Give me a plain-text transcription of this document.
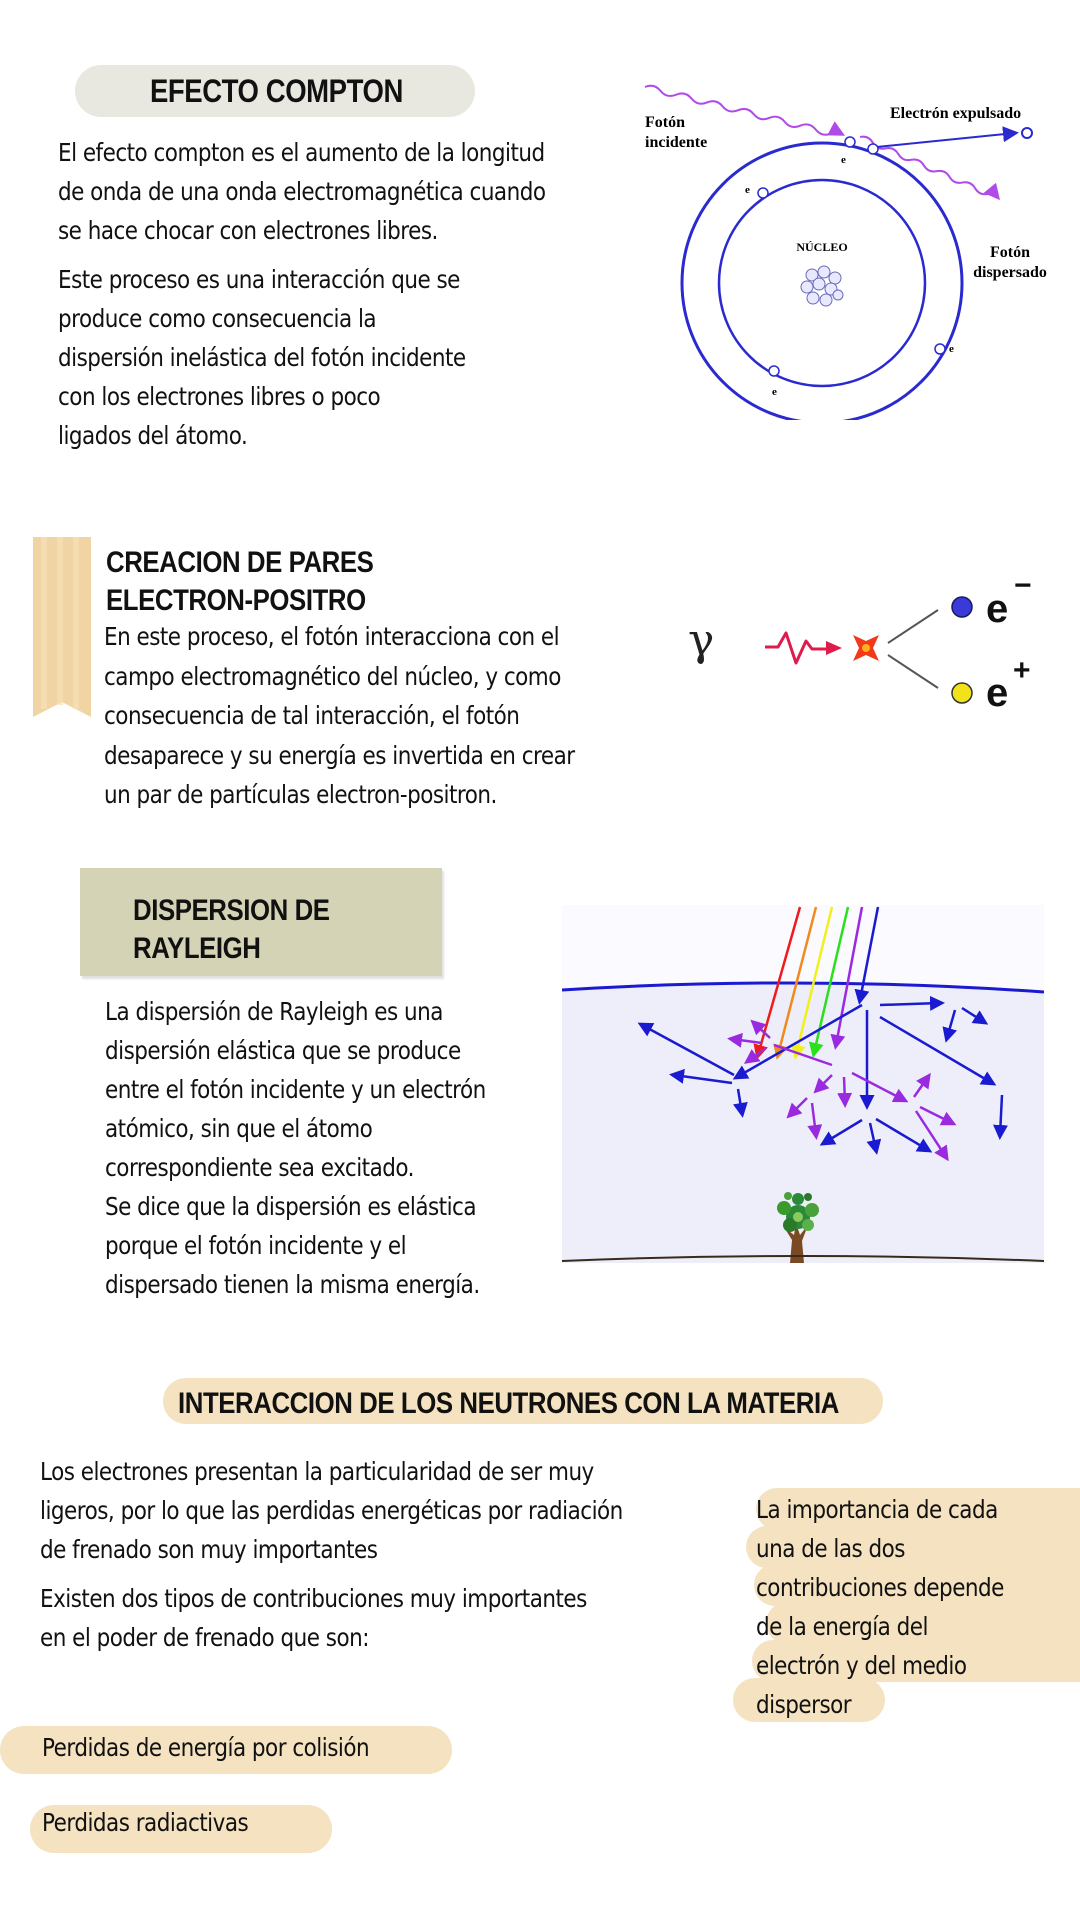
EFECTO COMPTON
El efecto compton es el aumento de la longitud
de onda de una onda electromagnética cuando
se hace chocar con electrones libres.
Este proceso es una interacción que se
produce como consecuencia la
dispersión inelástica del fotón incidente
con los electrones libres o poco
ligados del átomo.
e
e
e
e
NÚCLEO
Fotón
incidente
Electrón expulsado
Fotón
dispersado
CREACION DE PARES
ELECTRON-POSITRO
En este proceso, el fotón interacciona con el
campo electromagnético del núcleo, y como
consecuencia de tal interacción, el fotón
desaparece y su energía es invertida en crear
un par de partículas electron-positron.
γ
e
−
e
+
DISPERSION DE
RAYLEIGH
La dispersión de Rayleigh es una
dispersión elástica que se produce
entre el fotón incidente y un electrón
atómico, sin que el átomo
correspondiente sea excitado.
Se dice que la dispersión es elástica
porque el fotón incidente y el
dispersado tienen la misma energía.
INTERACCION DE LOS NEUTRONES CON LA MATERIA
Los electrones presentan la particularidad de ser muy
ligeros, por lo que las perdidas energéticas por radiación
de frenado son muy importantes
Existen dos tipos de contribuciones muy importantes
en el poder de frenado que son:
La importancia de cada
una de las dos
contribuciones depende
de la energía del
electrón y del medio
dispersor
Perdidas de energía por colisión
Perdidas radiactivas
